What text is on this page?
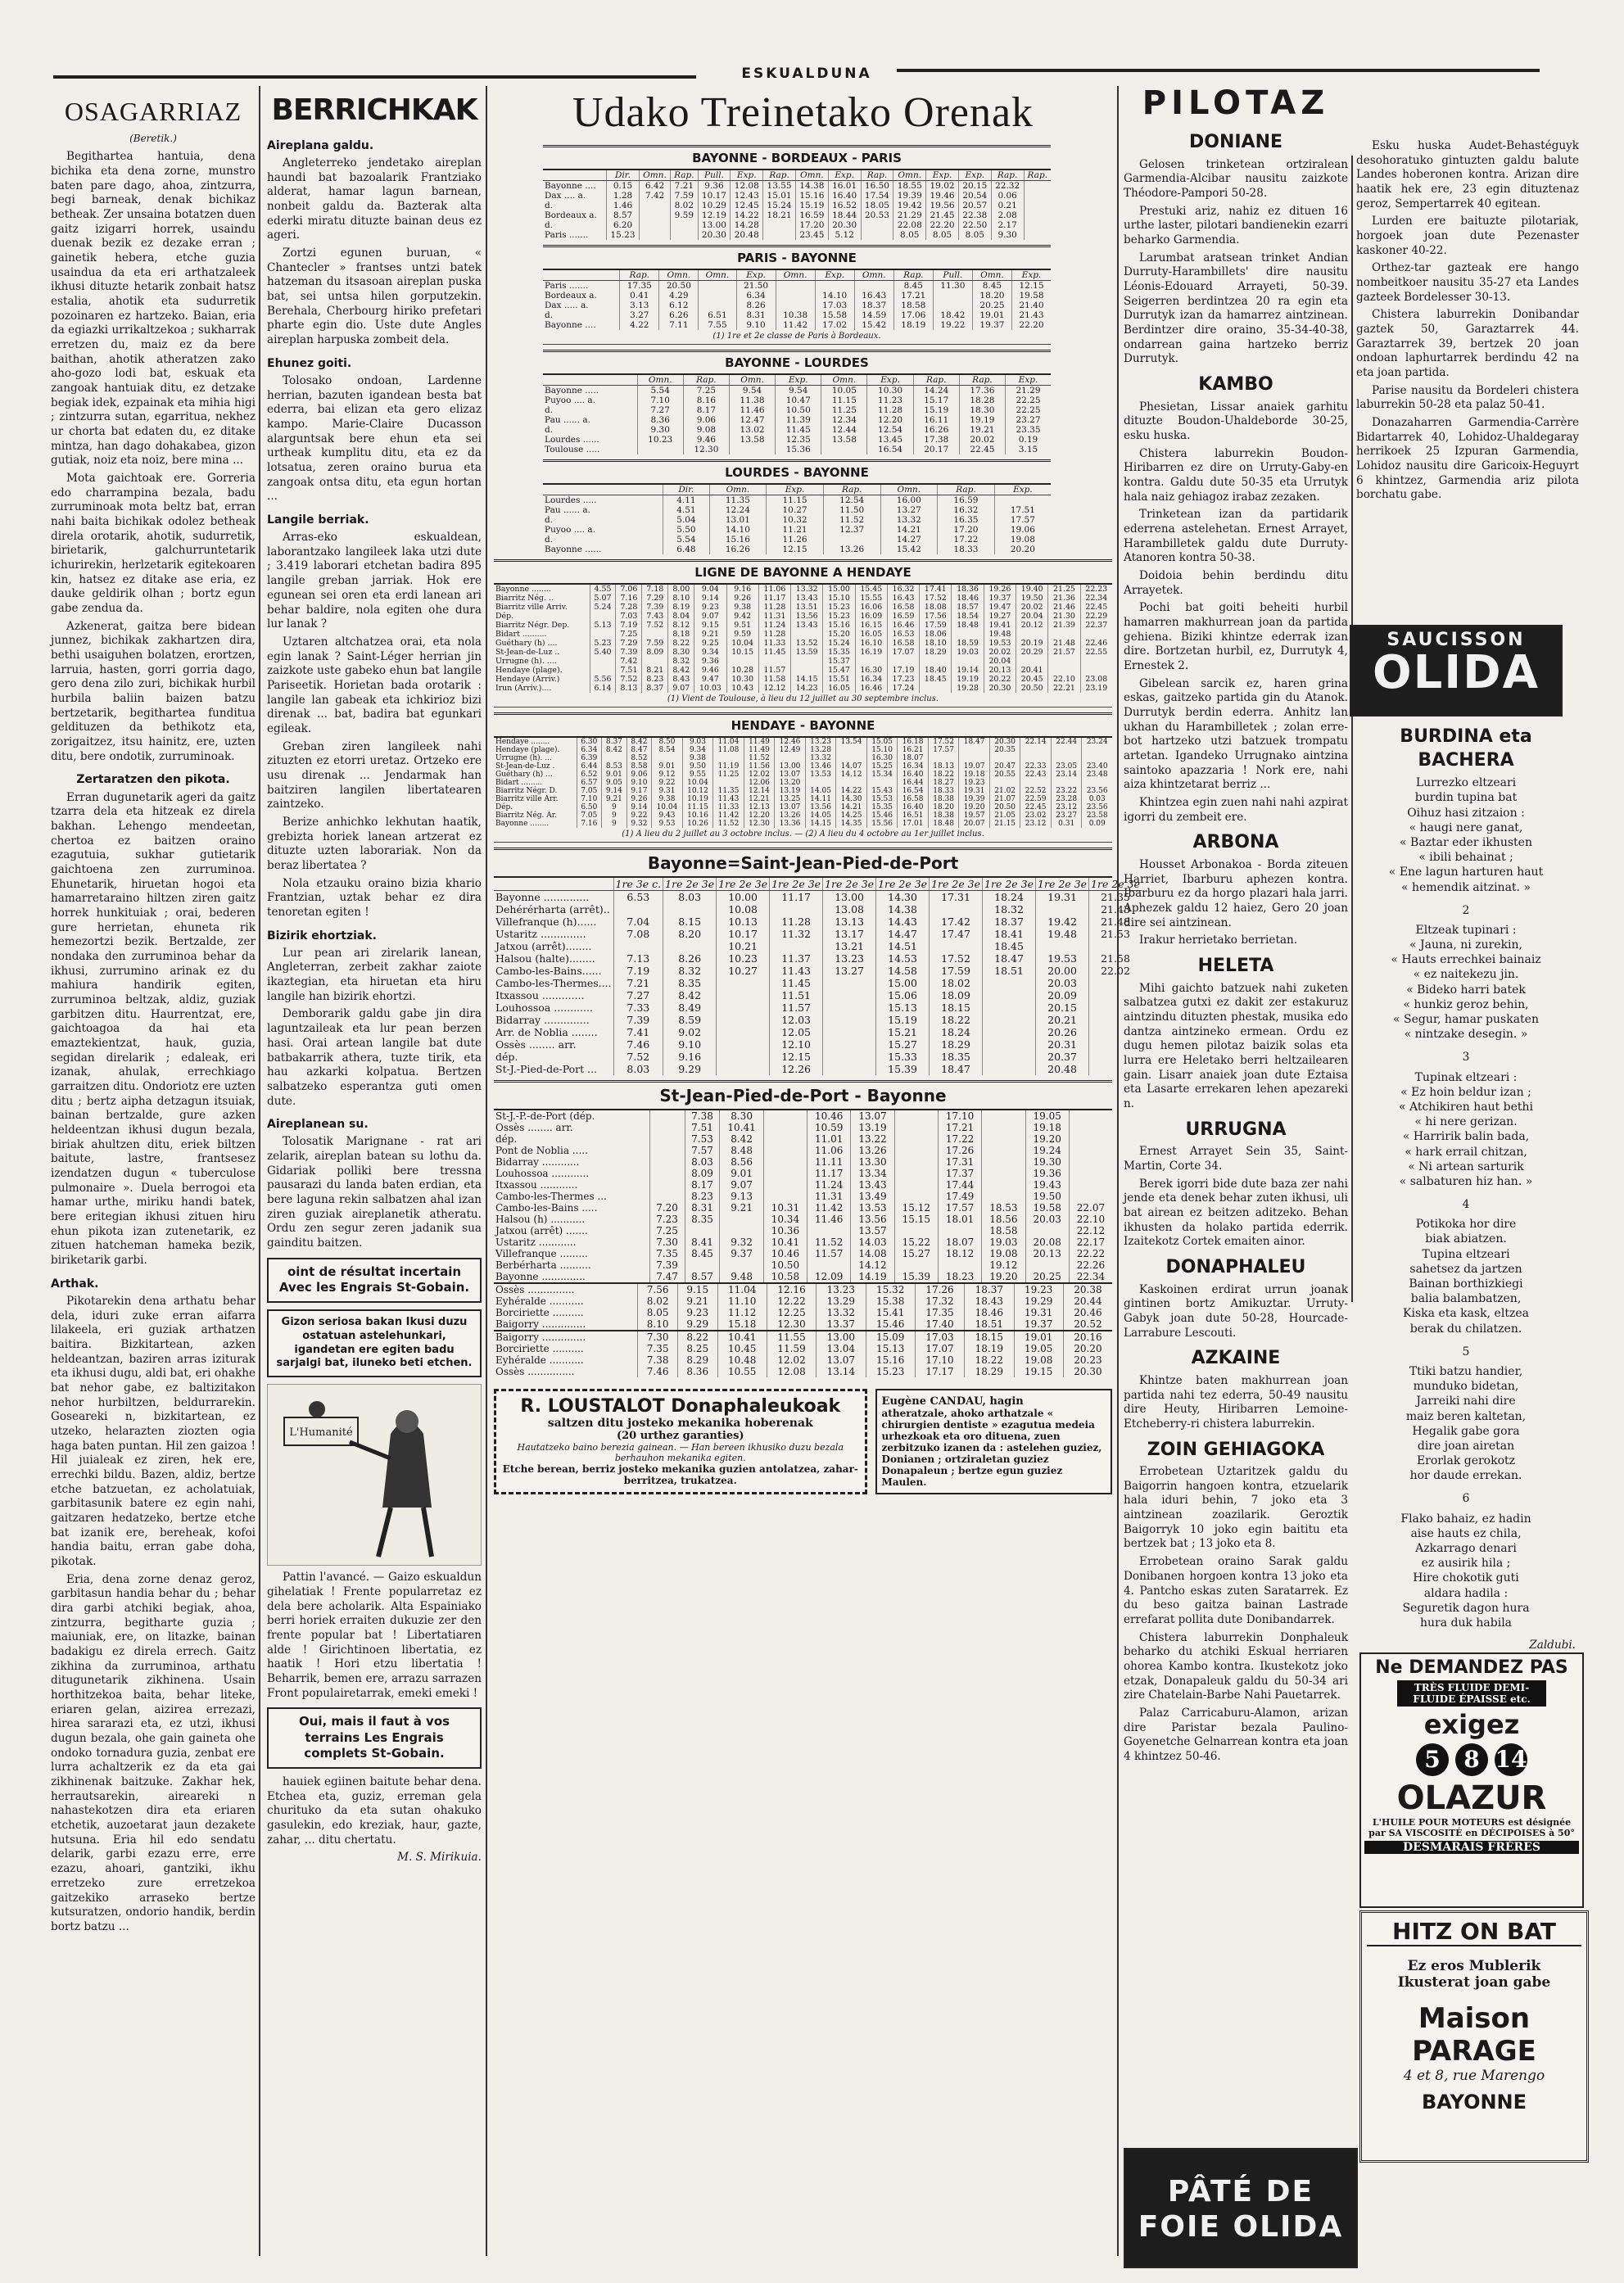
ESKUALDUNA
OSAGARRIAZ
(Beretik.)

Begitharteа hantuia, dena bichika eta dena zorne, munstro baten pare dago, ahoa, zintzurra, begi barneak, denak bichikaz betheak. Zer unsaina botatzen duen gaitz izigarri horrek, usaindu duenak bezik ez dezake erran ; gainetik hebera, etche guzia usaindua da eta eri arthatzaleek ikhusi dituzte hetarik zonbait hatsz estalia, ahotik eta sudurretik pozoinaren ez hartzeko. Baian, eria da egiazki urrikaltzekoa ; sukharrak erretzen du, maiz ez da bere baithan, ahotik atheratzen zako aho-gozo lodi bat, eskuak eta zangoak hantuiak ditu, ez detzake begiak idek, ezpainak eta mihia higi ; zintzurra sutan, egarritua, nekhez ur chorta bat edaten du, ez ditake mintza, han dago dohakabea, gizon gutiak, noiz eta noiz, bere mina ...

Mota gaichtoak ere. Gorreria edo charrampina bezala, badu zurruminoak mota beltz bat, erran nahi baita bichikak odolez betheak direla orotarik, ahotik, sudurretik, birietarik, galchurruntetarik ichurirekin, herlzetarik egitekoaren kin, hatsez ez ditake ase eria, ez dauke geldirik olhan ; bortz egun gabe zendua da.

Azkenerat, gaitza bere bidean junnez, bichikak zakhartzen dira, bethi usaiguhen bolatzen, erortzen, larruia, hasten, gorri gorria dago, gero dena zilo zuri, bichikak hurbil hurbila baliin baizen batzu bertzetarik, begitharteа funditua geldituzen da bethikotz eta, zorigaitzez, itsu hainitz, ere, uzten ditu, bere ondotik, zurruminoak.

Zertaratzen den pikota.

Erran dugunetarik ageri da gaitz tzarra dela eta hitzeak ez direla bakhan. Lehengo mendeetan, chertoa ez baitzen oraino ezagutuia, sukhar gutietarik gaichtoena zen zurruminoa. Ehunetarik, hiruetan hogoi eta hamarretaraino hiltzen ziren gaitz horrek hunkituiak ; orai, bederen gure herrietan, ehuneta rik hemezortzi bezik. Bertzalde, zer nondaka den zurruminoa behar da ikhusi, zurrumino arinak ez du mahiura handirik egiten, zurruminoa beltzak, aldiz, guziak garbitzen ditu. Haurrentzat, ere, gaichtoagoa da hai eta emaztekientzat, hauk, guzia, segidan direlarik ; edaleak, eri izanak, ahulak, errechkiago garraitzen ditu. Ondoriotz ere uzten ditu ; bertz aipha detzagun itsuiak, bainan bertzalde, gure azken heldeentzan ikhusi dugun bezala, biriak ahultzen ditu, eriek biltzen baitute, lastre, frantsesez izendatzen dugun « tuberculose pulmonaire ». Duela berrogoi eta hamar urthe, miriku handi batek, bere eritegian ikhusi zituen hiru ehun pikota izan zutenetarik, ez zituen hatcheman hameka bezik, biriketarik garbi.

Arthak.

Pikotarekin dena arthatu behar dela, iduri zuke erran aifarra lilakeela, eri guziak arthatzen baitira. Bizkitartean, azken heldeantzan, baziren arras iziturak eta ikhusi dugu, aldi bat, eri ohakhe bat nehor gabe, ez baltizitakon nehor hurbiltzen, beldurrarekin. Goseareki n, bizkitartean, ez utzeko, helarazten ziozten ogia haga baten puntan. Hil zen gaizoa ! Hil juialeak ez ziren, hek ere, errechki bildu. Bazen, aldiz, bertze etche batzuetan, ez acholatuiak, garbitasunik batere ez egin nahi, gaitzaren hedatzeko, bertze etche bat izanik ere, bereheak, kofoi handia baitu, erran gabe doha, pikotak.

Eria, dena zorne denaz geroz, garbitasun handia behar du ; behar dira garbi atchiki begiak, ahoa, zintzurra, begitharte guzia ; maiuniak, ere, on litazke, bainan badakigu ez direla errech. Gaitz zikhina da zurruminoa, arthatu ditugunetarik zikhinena. Usain horthitzekoa baita, behar liteke, eriaren gelan, aizirea errezazi, hirea sararazi eta, ez utzi, ikhusi dugun bezala, ohe gain gaineta ohe ondoko tornadura guzia, zenbat ere lurra achaltzerik ez da eta gai zikhinenak baitzuke. Zakhar hek, herrautsarekin, aireareki n nahastekotzen dira eta eriaren etchetik, auzoetarat jaun dezakete hutsuna. Eria hil edo sendatu delarik, garbi ezazu erre, erre ezazu, ahoari, gantziki, ikhu erretzeko zure erretzekoa gaitzekiko arraseko bertze kutsuratzen, ondorio handik, berdin bortz batzu ...

BERRICHKAK
Aireplana galdu.

Angleterreko jendetako aireplan haundi bat bazoalarik Frantziako alderat, hamar lagun barnean, nonbeit galdu da. Bazterak alta ederki miratu dituzte bainan deus ez ageri.

Zortzi egunen buruan, « Chantecler » frantses untzi batek hatzeman du itsasoan aireplan puska bat, sei untsa hilen gorputzekin. Berehala, Cherbourg hiriko prefetari pharte egin dio. Uste dute Angles aireplan harpuska zombeit dela.

Ehunez goiti.

Tolosako ondoan, Lardenne herrian, bazuten igandean besta bat ederra, bai elizan eta gero elizaz kampo. Marie-Claire Ducasson alarguntsak bere ehun eta sei urtheak kumplitu ditu, eta ez da lotsatua, zeren oraino burua eta zangoak ontsa ditu, eta egun hortan ...

Langile berriak.

Arras-eko eskualdean, laborantzako langileek laka utzi dute ; 3.419 laborari etchetan badira 895 langile greban jarriak. Hok ere egunean sei oren eta erdi lanean ari behar baldire, nola egiten ohe dura lur lanak ?

Uztaren altchatzea orai, eta nola egin lanak ? Saint-Léger herrian jin zaizkote uste gabeko ehun bat langile Pariseetik. Horietan bada orotarik : langile lan gabeak eta ichkirioz bizi direnak ... bat, badira bat egunkari egileak.

Greban ziren langileek nahi zituzten ez etorri uretaz. Ortzeko ere usu direnak ... Jendarmak han baitziren langilen libertatearen zaintzeko.

Berize anhichko lekhutan haatik, grebizta horiek lanean artzerat ez dituzte uzten laborariak. Non da beraz libertatea ?

Nola etzauku oraino bizia khario Frantzian, uztak behar ez dira tenoretan egiten !

Bizirik ehortziak.

Lur pean ari zirelarik lanean, Angleterran, zerbeit zakhar zaiote ikaztegian, eta hiruetan eta hiru langile han bizirik ehortzi.

Demborarik galdu gabe jin dira laguntzaileak eta lur pean berzen hasi. Orai artean langile bat dute batbakarrik athera, tuzte tirik, eta hau azkarki kolpatua. Bertzen salbatzeko esperantza guti omen dute.

Aireplanean su.

Tolosatik Marignane - rat ari zelarik, aireplan batean su lothu da. Gidariak polliki bere tressna pausarazi du landa baten erdian, eta bere laguna rekin salbatzen ahal izan ziren guziak aireplanetik atheratu. Ordu zen segur zeren jadanik sua gainditu baitzen.

oint de résultat incertain Avec les Engrais St-Gobain.
Gizon seriosa bakan Ikusi duzu ostatuan astelehunkari, igandetan ere egiten badu sarjalgi bat, iluneko beti etchen.
L'Humanité

Pattin l'avancé. — Gaizo eskualdun gihelatiak ! Frente popularretaz ez dela bere acholarik. Alta Espainiako berri horiek erraiten dukuzie zer den frente popular bat ! Libertatiaren alde ! Girichtinoen libertatia, ez haatik ! Hori etzu libertatia ! Beharrik, bemen ere, arrazu sarrazen Front populairetarrak, emeki emeki !

Oui, mais il faut à vos terrains Les Engrais complets St-Gobain.

hauiek egiinen baitute behar dena. Etchea eta, guziz, erreman gela churituko da eta sutan ohakuko gasulekin, edo kreziak, haur, gazte, zahar, ... ditu chertatu.

M. S. Mirikuia.
Udako Treinetako Orenak
BAYONNE - BORDEAUX - PARIS
	Dir.	Omn.	Rap.	Pull.	Exp.	Rap.	Omn.	Exp.	Rap.	Omn.	Exp.	Exp.	Rap.	Rap.
Bayonne ....	0.15	6.42	7.21	9.36	12.08	13.55	14.38	16.01	16.50	18.55	19.02	20.15	22.32	
Dax .... a.	1.28	7.42	7.59	10.17	12.43	15.01	15.16	16.40	17.54	19.39	19.46	20.54	0.06	
d.	1.46		8.02	10.29	12.45	15.24	15.19	16.52	18.05	19.42	19.56	20.57	0.21	
Bordeaux a.	8.57		9.59	12.19	14.22	18.21	16.59	18.44	20.53	21.29	21.45	22.38	2.08	
d.	6.20			13.00	14.28		17.20	20.30		22.08	22.20	22.50	2.17	
Paris .......	15.23			20.30	20.48		23.45	5.12		8.05	8.05	8.05	9.30	
PARIS - BAYONNE
	Rap.	Omn.	Omn.	Exp.	Omn.	Exp.	Omn.	Rap.	Pull.	Omn.	Exp.
Paris .......	17.35	20.50		21.50				8.45	11.30	8.45	12.15
Bordeaux a.	0.41	4.29		6.34		14.10	16.43	17.21		18.20	19.58
Dax ..... a.	3.13	6.12		8.26		17.03	18.37	18.58		20.25	21.40
d.	3.27	6.26	6.51	8.31	10.38	15.58	14.59	17.06	18.42	19.01	21.43
Bayonne ....	4.22	7.11	7.55	9.10	11.42	17.02	15.42	18.19	19.22	19.37	22.20
(1) 1re et 2e classe de Paris à Bordeaux.
BAYONNE - LOURDES
	Omn.	Rap.	Omn.	Exp.	Omn.	Exp.	Rap.	Rap.	Exp.
Bayonne .....	5.54	7.25	9.54	9.54	10.05	10.30	14.24	17.36	21.29
Puyoo .... a.	7.10	8.16	11.38	10.47	11.15	11.23	15.17	18.28	22.25
d.	7.27	8.17	11.46	10.50	11.25	11.28	15.19	18.30	22.25
Pau ...... a.	8.36	9.06	12.47	11.39	12.34	12.20	16.11	19.19	23.27
d.	9.30	9.08	13.02	11.45	12.44	12.54	16.26	19.21	23.35
Lourdes ......	10.23	9.46	13.58	12.35	13.58	13.45	17.38	20.02	0.19
Toulouse .....		12.30		15.36		16.54	20.17	22.45	3.15
LOURDES - BAYONNE
	Dir.	Omn.	Exp.	Rap.	Omn.	Rap.	Exp.
Lourdes .....	4.11	11.35	11.15	12.54	16.00	16.59	
Pau ...... a.	4.51	12.24	10.27	11.50	13.27	16.32	17.51
d.	5.04	13.01	10.32	11.52	13.32	16.35	17.57
Puyoo .... a.	5.50	14.10	11.21	12.37	14.21	17.20	19.06
d.	5.54	15.16	11.26		14.27	17.22	19.08
Bayonne ......	6.48	16.26	12.15	13.26	15.42	18.33	20.20
LIGNE DE BAYONNE A HENDAYE
Bayonne ........	4.55	7.06	7.18	8.00	9.04	9.16	11.06	13.32	15.00	15.45	16.32	17.41	18.36	19.26	19.40	21.25	22.23
Biarritz Nég. ..	5.07	7.16	7.29	8.10	9.14	9.26	11.17	13.43	15.10	15.55	16.43	17.52	18.46	19.37	19.50	21.36	22.34
Biarritz ville Arriv.	5.24	7.28	7.39	8.19	9.23	9.38	11.28	13.51	15.23	16.06	16.58	18.08	18.57	19.47	20.02	21.46	22.45
Dép.		7.03	7.43	8.04	9.07	9.42	11.31	13.56	15.23	16.09	16.59	17.56	18.54	19.27	20.04	21.30	22.29
Biarritz Négr. Dep.	5.13	7.19	7.52	8.12	9.15	9.51	11.24	13.43	15.16	16.15	16.46	17.59	18.48	19.41	20.12	21.39	22.37
Bidart ..........		7.25		8.18	9.21	9.59	11.28		15.20	16.05	16.53	18.06		19.48			
Guéthary (h) ....	5.23	7.29	7.59	8.22	9.25	10.04	11.33	13.52	15.24	16.10	16.58	18.10	18.59	19.53	20.19	21.48	22.46
St-Jean-de-Luz ..	5.40	7.39	8.09	8.30	9.34	10.15	11.45	13.59	15.35	16.19	17.07	18.29	19.03	20.02	20.29	21.57	22.55
Urrugne (h). ....		7.42		8.32	9.36				15.37					20.04			
Hendaye (plage).		7.51	8.21	8.42	9.46	10.28	11.57		15.47	16.30	17.19	18.40	19.14	20.13	20.41		
Hendaye (Arriv.)	5.56	7.52	8.23	8.43	9.47	10.30	11.58	14.15	15.51	16.34	17.23	18.45	19.19	20.22	20.45	22.10	23.08
Irun (Arriv.)....	6.14	8.13	8.37	9.07	10.03	10.43	12.12	14.23	16.05	16.46	17.24		19.28	20.30	20.50	22.21	23.19
(1) Vient de Toulouse, à lieu du 12 juillet au 30 septembre inclus.
HENDAYE - BAYONNE
Hendaye ........	6.30	8.37	8.42	8.50	9.03	11.04	11.49	12.46	13.23	13.54	15.05	16.18	17.52	18.47	20.30	22.14	22.44	23.24
Hendaye (plage).	6.34	8.42	8.47	8.54	9.34	11.08	11.49	12.49	13.28		15.10	16.21	17.57		20.35			
Urrugne (h). ...	6.39		8.52		9.38		11.52		13.32		16.30	18.07						
St-Jean-de-Luz .	6.44	8.53	8.58	9.01	9.50	11.19	11.56	13.00	13.46	14.07	15.25	16.34	18.13	19.07	20.47	22.33	23.05	23.40
Guéthary (h) ...	6.52	9.01	9.06	9.12	9.55	11.25	12.02	13.07	13.53	14.12	15.34	16.40	18.22	19.18	20.55	22.43	23.14	23.48
Bidart .........	6.57	9.05	9.10	9.22	10.04		12.06	13.20				16.44	18.27	19.23				
Biarritz Négr. D.	7.05	9.14	9.17	9.31	10.12	11.35	12.14	13.19	14.05	14.22	15.43	16.54	18.33	19.31	21.02	22.52	23.22	23.56
Biarritz ville Arr.	7.10	9.21	9.26	9.38	10.19	11.43	12.21	13.25	14.11	14.30	15.53	16.58	18.38	19.39	21.07	22.59	23.28	0.03
Dép.	6.50	9	9.14	10.04	11.15	11.33	12.13	13.07	13.56	14.21	15.35	16.40	18.20	19.20	20.50	22.45	23.12	23.56
Biarritz Nég. Ar.	7.05	9	9.22	9.43	10.16	11.42	12.20	13.26	14.05	14.25	15.46	16.51	18.38	19.57	21.05	23.02	23.27	23.58
Bayonne ........	7.16	9	9.32	9.53	10.26	11.52	12.30	13.36	14.15	14.35	15.56	17.01	18.48	20.07	21.15	23.12	0.31	0.09
(1) A lieu du 2 juillet au 3 octobre inclus. — (2) A lieu du 4 octobre au 1er juillet inclus.
Bayonne=Saint-Jean-Pied-de-Port
	1re 3e c.	1re 2e 3e	1re 2e 3e	1re 2e 3e	1re 2e 3e	1re 2e 3e	1re 2e 3e	1re 2e 3e	1re 2e 3e	1re 2e 3e
Bayonne ..............	6.53	8.03	10.00	11.17	13.00	14.30	17.31	18.24	19.31	21.35
Dehérérharta (arrêt)..			10.08		13.08	14.38		18.32		21.43
Villefranque (h)......	7.04	8.15	10.13	11.28	13.13	14.43	17.42	18.37	19.42	21.48
Ustaritz ..............	7.08	8.20	10.17	11.32	13.17	14.47	17.47	18.41	19.48	21.53
Jatxou (arrêt)........			10.21		13.21	14.51		18.45		
Halsou (halte)........	7.13	8.26	10.23	11.37	13.23	14.53	17.52	18.47	19.53	21.58
Cambo-les-Bains......	7.19	8.32	10.27	11.43	13.27	14.58	17.59	18.51	20.00	22.02
Cambo-les-Thermes....	7.21	8.35		11.45		15.00	18.02		20.03	
Itxassou .............	7.27	8.42		11.51		15.06	18.09		20.09	
Louhossoa ............	7.33	8.49		11.57		15.13	18.15		20.15	
Bidarray ..............	7.39	8.59		12.03		15.19	18.22		20.21	
Arr. de Noblia ........	7.41	9.02		12.05		15.21	18.24		20.26	
Ossès ........ arr.	7.46	9.10		12.10		15.27	18.29		20.31	
dép.	7.52	9.16		12.15		15.33	18.35		20.37	
St-J.-Pied-de-Port ...	8.03	9.29		12.26		15.39	18.47		20.48	
St-Jean-Pied-de-Port - Bayonne
St-J.-P.-de-Port (dép.		7.38	8.30		10.46	13.07		17.10		19.05	
Ossès ........ arr.		7.51	10.41		10.59	13.19		17.21		19.18	
dép.		7.53	8.42		11.01	13.22		17.22		19.20	
Pont de Noblia .....		7.57	8.48		11.06	13.26		17.26		19.24	
Bidarray ............		8.03	8.56		11.11	13.30		17.31		19.30	
Louhossoa ............		8.09	9.01		11.17	13.34		17.37		19.36	
Itxassou ............		8.17	9.07		11.24	13.43		17.44		19.43	
Cambo-les-Thermes ...		8.23	9.13		11.31	13.49		17.49		19.50	
Cambo-les-Bains .....	7.20	8.31	9.21	10.31	11.42	13.53	15.12	17.57	18.53	19.58	22.07
Halsou (h) ...........	7.23	8.35		10.34	11.46	13.56	15.15	18.01	18.56	20.03	22.10
Jatxou (arrêt) .......	7.25			10.36		13.57			18.58		22.12
Ustaritz ............	7.30	8.41	9.32	10.41	11.52	14.03	15.22	18.07	19.03	20.08	22.17
Villefranque .........	7.35	8.45	9.37	10.46	11.57	14.08	15.27	18.12	19.08	20.13	22.22
Berbérharta ..........	7.39			10.50		14.12			19.12		22.26
Bayonne ..............	7.47	8.57	9.48	10.58	12.09	14.19	15.39	18.23	19.20	20.25	22.34
Ossès ...............	7.56	9.15	11.04	12.16	13.23	15.32	17.26	18.37	19.23	20.38
Eyhéralde ...........	8.02	9.21	11.10	12.22	13.29	15.38	17.32	18.43	19.29	20.44
Borciriette ..........	8.05	9.23	11.12	12.25	13.32	15.41	17.35	18.46	19.31	20.46
Baigorry ..............	8.10	9.29	15.18	12.30	13.37	15.46	17.40	18.51	19.37	20.52
Baigorry ..............	7.30	8.22	10.41	11.55	13.00	15.09	17.03	18.15	19.01	20.16
Borciriette ..........	7.35	8.25	10.45	11.59	13.04	15.13	17.07	18.19	19.05	20.20
Eyhéralde ...........	7.38	8.29	10.48	12.02	13.07	15.16	17.10	18.22	19.08	20.23
Ossès ...............	7.46	8.36	10.55	12.08	13.14	15.23	17.17	18.29	19.15	20.30
R. LOUSTALOT Donaphaleukoak
saltzen ditu josteko mekanika hoberenak
(20 urthez garanties)
Hautatzeko baino berezia gainean. — Han bereen ikhusiko duzu bezala berhauhon mekanika egiten.
Etche berean, berriz josteko mekanika guzien antolatzea, zahar-berritzea, trukatzea.
Eugène CANDAU, hagin
atheratzale, ahoko arthatzale « chirurgien dentiste » ezagutua medeia urhezkoak eta oro dituena, zuen zerbitzuko izanen da : astelehen guziez, Donianen ; ortziraletan guziez Donapaleun ; bertze egun guziez Maulen.
PILOTAZ
DONIANE

Gelosen trinketean ortziralean Garmendia-Alcibar nausitu zaizkote Théodore-Pampori 50-28.

Prestuki ariz, nahiz ez dituen 16 urthe laster, pilotari bandienekin ezarri beharko Garmendia.

Larumbat aratsean trinket Andian Durruty-Harambillets' dire nausitu Léonis-Edouard Arrayeti, 50-39. Seigerren berdintzea 20 ra egin eta Durrutyk izan da hamarrez aintzinean. Berdintzer dire oraino, 35-34-40-38, ondarrean gaina hartzeko berriz Durrutyk.

KAMBO

Phesietan, Lissar anaiek garhitu dituzte Boudon-Uhaldeborde 30-25, esku huska.

Chistera laburrekin Boudon-Hiribarren ez dire on Urruty-Gaby-en kontra. Galdu dute 50-35 eta Urrutyk hala naiz gehiagoz irabaz zezaken.

Trinketean izan da partidarik ederrena astelehetan. Ernest Arrayet, Harambilletek galdu dute Durruty-Atanoren kontra 50-38.

Doidoia behin berdindu ditu Arrayetek.

Pochi bat goiti beheiti hurbil hamarren makhurrean joan da partida gehiena. Biziki khintze ederrak izan dire. Bortzetan hurbil, ez, Durrutyk 4, Ernestek 2.

Gibelean sarcik ez, haren grina eskas, gaitzeko partida gin du Atanok. Durrutyk berdin ederra. Anhitz lan ukhan du Harambilletek ; zolan erre-bot hartzeko utzi batzuek trompatu artetan. Igandeko Urrugnako aintzina saintoko apazzaria ! Nork ere, nahi aiza khintzetarat berriz ...

Khintzea egin zuen nahi nahi azpirat igorri du zembeit ere.

ARBONA

Housset Arbonakoa - Borda ziteuen Harriet, Ibarburu aphezen kontra. Ibarburu ez da horgo plazari hala jarri. Aphezek galdu 12 haiez, Gero 20 joan dire sei aintzinean.

Irakur herrietako berrietan.

HELETA

Mihi gaichto batzuek nahi zuketen salbatzea gutxi ez dakit zer estakuruz aintzindu dituzten phestak, musika edo dantza aintzineko ermean. Ordu ez dugu hemen pilotaz baizik solas eta lurra ere Heletako berri heltzailearen gain. Lisarr anaiek joan dute Eztaisa eta Lasarte errekaren lehen apezareki n.

URRUGNA

Ernest Arrayet Sein 35, Saint-Martin, Corte 34.

Berek igorri bide dute baza zer nahi jende eta denek behar zuten ikhusi, uli bat airean ez beitzen aditzeko. Behan ikhusten da holako partida ederrik. Izaitekotz Cortek emaiten ainor.

DONAPHALEU

Kaskoinen erdirat urrun joanak gintinen bortz Amikuztar. Urruty-Gabyk joan dute 50-28, Hourcade-Larrabure Lescouti.

AZKAINE

Khintze baten makhurrean joan partida nahi tez ederra, 50-49 nausitu dire Heuty, Hiribarren Lemoine-Etcheberry-ri chistera laburrekin.

ZOIN GEHIAGOKA

Errobetean Uztaritzek galdu du Baigorrin hangoen kontra, etzuelarik hala iduri behin, 7 joko eta 3 aintzinean zoazilarik. Geroztik Baigorryk 10 joko egin baititu eta bertzek bat ; 13 joko eta 8.

Errobetean oraino Sarak galdu Donibanen horgoen kontra 13 joko eta 4. Pantcho eskas zuten Saratarrek. Ez du beso gaitza bainan Lastrade errefarat pollita dute Donibandarrek.

Chistera laburrekin Donphaleuk beharko du atchiki Eskual herriaren ohorea Kambo kontra. Ikustekotz joko etzak, Donapaleuk galdu du 50-34 ari zire Chatelain-Barbe Nahi Pauetarrek.

Palaz Carricaburu-Alamon, arizan dire Paristar bezala Paulino-Goyenetche Gelnarrean kontra eta joan 4 khintzez 50-46.

Esku huska Audet-Behastéguyk desohoratuko gintuzten galdu balute Landes hoberonen kontra. Arizan dire haatik hek ere, 23 egin dituztenaz geroz, Sempertarrek 40 egitean.

Lurden ere baituzte pilotariak, horgoek joan dute Pezenaster kaskoner 40-22.

Orthez-tar gazteak ere hango nombeitkoer nausitu 35-27 eta Landes gazteek Bordelesser 30-13.

Chistera laburrekin Donibandar gaztek 50, Garaztarrek 44. Garaztarrek 39, bertzek 20 joan ondoan laphurtarrek berdindu 42 na eta joan partida.

Parise nausitu da Bordeleri chistera laburrekin 50-28 eta palaz 50-41.

Donazaharren Garmendia-Carrère Bidartarrek 40, Lohidoz-Uhaldegaray herrikoek 25 Izpuran Garmendia, Lohidoz nausitu dire Garicoix-Heguyrt 6 khintzez, Garmendia ariz pilota borchatu gabe.

SAUCISSON
OLIDA
BURDINA eta BACHERA
Lurrezko eltzeari
burdin tupina bat
Oihuz hasi zitzaion :
« haugi nere ganat,
« Baztar eder ikhusten
« ibili behainat ;
« Ene lagun harturen haut
« hemendik aitzinat. »
2
Eltzeak tupinari :
« Jauna, ni zurekin,
« Hauts errechkei bainaiz
« ez naitekezu jin.
« Bideko harri batek
« hunkiz geroz behin,
« Segur, hamar puskaten
« nintzake desegin. »
3
Tupinak eltzeari :
« Ez hoin beldur izan ;
« Atchikiren haut bethi
« hi nere gerizan.
« Harririk balin bada,
« hark errail chitzan,
« Ni artean sarturik
« salbaturen hiz han. »
4
Potikoka hor dire
biak abiatzen.
Tupina eltzeari
sahetsez da jartzen
Bainan borthizkiegi
balia balambatzen,
Kiska eta kask, eltzea
berak du chilatzen.
5
Ttiki batzu handier,
munduko bidetan,
Jarreiki nahi dire
maiz beren kaltetan,
Hegalik gabe gora
dire joan airetan
Erorlak gerokotz
hor daude errekan.
6
Flako bahaiz, ez hadin
aise hauts ez chila,
Azkarrago denari
ez ausirik hila ;
Hire chokotik guti
aldara hadila :
Seguretik dagon hura
hura duk habila
Zaldubi.
Ne DEMANDEZ PAS
TRÈS FLUIDE DEMI-FLUIDE ÉPAISSE etc.
exigez
5	8 14
OLAZUR
L'HUILE POUR MOTEURS est désignée par SA VISCOSITÉ en DÉCIPOISES à 50°
DESMARAIS FRÈRES
HITZ ON BAT
Ez eros Mublerik Ikusterat joan gabe
Maison PARAGE
4 et 8, rue Marengo
BAYONNE
PÂTÉ DE FOIE OLIDA
